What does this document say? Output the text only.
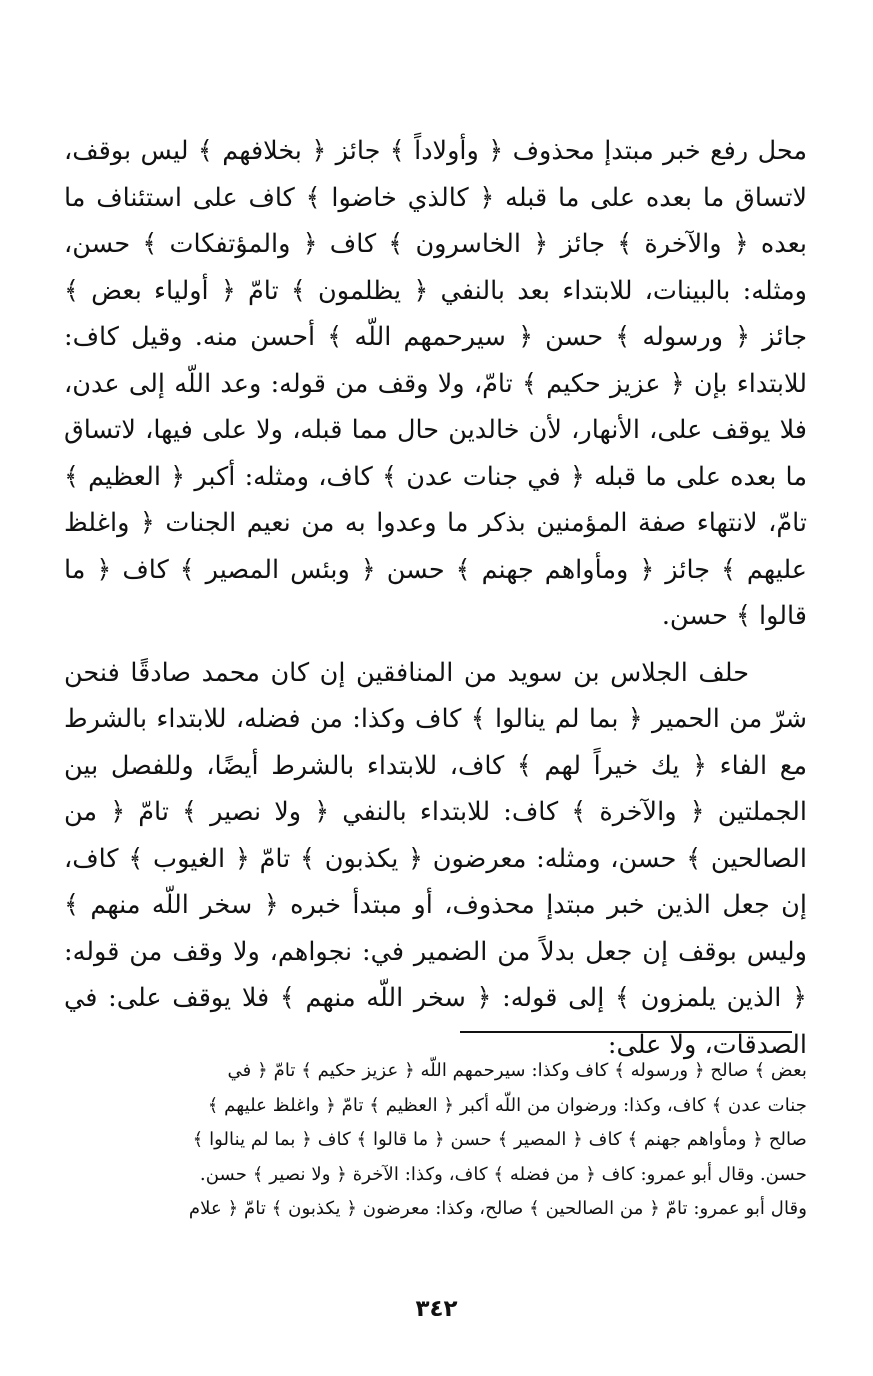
محل رفع خبر مبتدإ محذوف ﴿ وأولاداً ﴾ جائز ﴿ بخلافهم ﴾ ليس بوقف، لاتساق ما بعده على ما قبله ﴿ كالذي خاضوا ﴾ كاف على استئناف ما بعده ﴿ والآخرة ﴾ جائز ﴿ الخاسرون ﴾ كاف ﴿ والمؤتفكات ﴾ حسن، ومثله: بالبينات، للابتداء بعد بالنفي ﴿ يظلمون ﴾ تامّ ﴿ أولياء بعض ﴾ جائز ﴿ ورسوله ﴾ حسن ﴿ سيرحمهم اللّه ﴾ أحسن منه. وقيل كاف: للابتداء بإن ﴿ عزيز حكيم ﴾ تامّ، ولا وقف من قوله: وعد اللّه إلى عدن، فلا يوقف على، الأنهار، لأن خالدين حال مما قبله، ولا على فيها، لاتساق ما بعده على ما قبله ﴿ في جنات عدن ﴾ كاف، ومثله: أكبر ﴿ العظيم ﴾ تامّ، لانتهاء صفة المؤمنين بذكر ما وعدوا به من نعيم الجنات ﴿ واغلظ عليهم ﴾ جائز ﴿ ومأواهم جهنم ﴾ حسن ﴿ وبئس المصير ﴾ كاف ﴿ ما قالوا ﴾ حسن.

حلف الجلاس بن سويد من المنافقين إن كان محمد صادقًا فنحن شرّ من الحمير ﴿ بما لم ينالوا ﴾ كاف وكذا: من فضله، للابتداء بالشرط مع الفاء ﴿ يك خيراً لهم ﴾ كاف، للابتداء بالشرط أيضًا، وللفصل بين الجملتين ﴿ والآخرة ﴾ كاف: للابتداء بالنفي ﴿ ولا نصير ﴾ تامّ ﴿ من الصالحين ﴾ حسن، ومثله: معرضون ﴿ يكذبون ﴾ تامّ ﴿ الغيوب ﴾ كاف، إن جعل الذين خبر مبتدإ محذوف، أو مبتدأ خبره ﴿ سخر اللّه منهم ﴾ وليس بوقف إن جعل بدلاً من الضمير في: نجواهم، ولا وقف من قوله: ﴿ الذين يلمزون ﴾ إلى قوله: ﴿ سخر اللّه منهم ﴾ فلا يوقف على: في الصدقات، ولا على:

بعض ﴾ صالح ﴿ ورسوله ﴾ كاف وكذا: سيرحمهم اللّه ﴿ عزيز حكيم ﴾ تامّ ﴿ في

جنات عدن ﴾ كاف، وكذا: ورضوان من اللّه أكبر ﴿ العظيم ﴾ تامّ ﴿ واغلظ عليهم ﴾

صالح ﴿ ومأواهم جهنم ﴾ كاف ﴿ المصير ﴾ حسن ﴿ ما قالوا ﴾ كاف ﴿ بما لم ينالوا ﴾

حسن. وقال أبو عمرو: كاف ﴿ من فضله ﴾ كاف، وكذا: الآخرة ﴿ ولا نصير ﴾ حسن.

وقال أبو عمرو: تامّ ﴿ من الصالحين ﴾ صالح، وكذا: معرضون ﴿ يكذبون ﴾ تامّ ﴿ علام

٣٤٢
